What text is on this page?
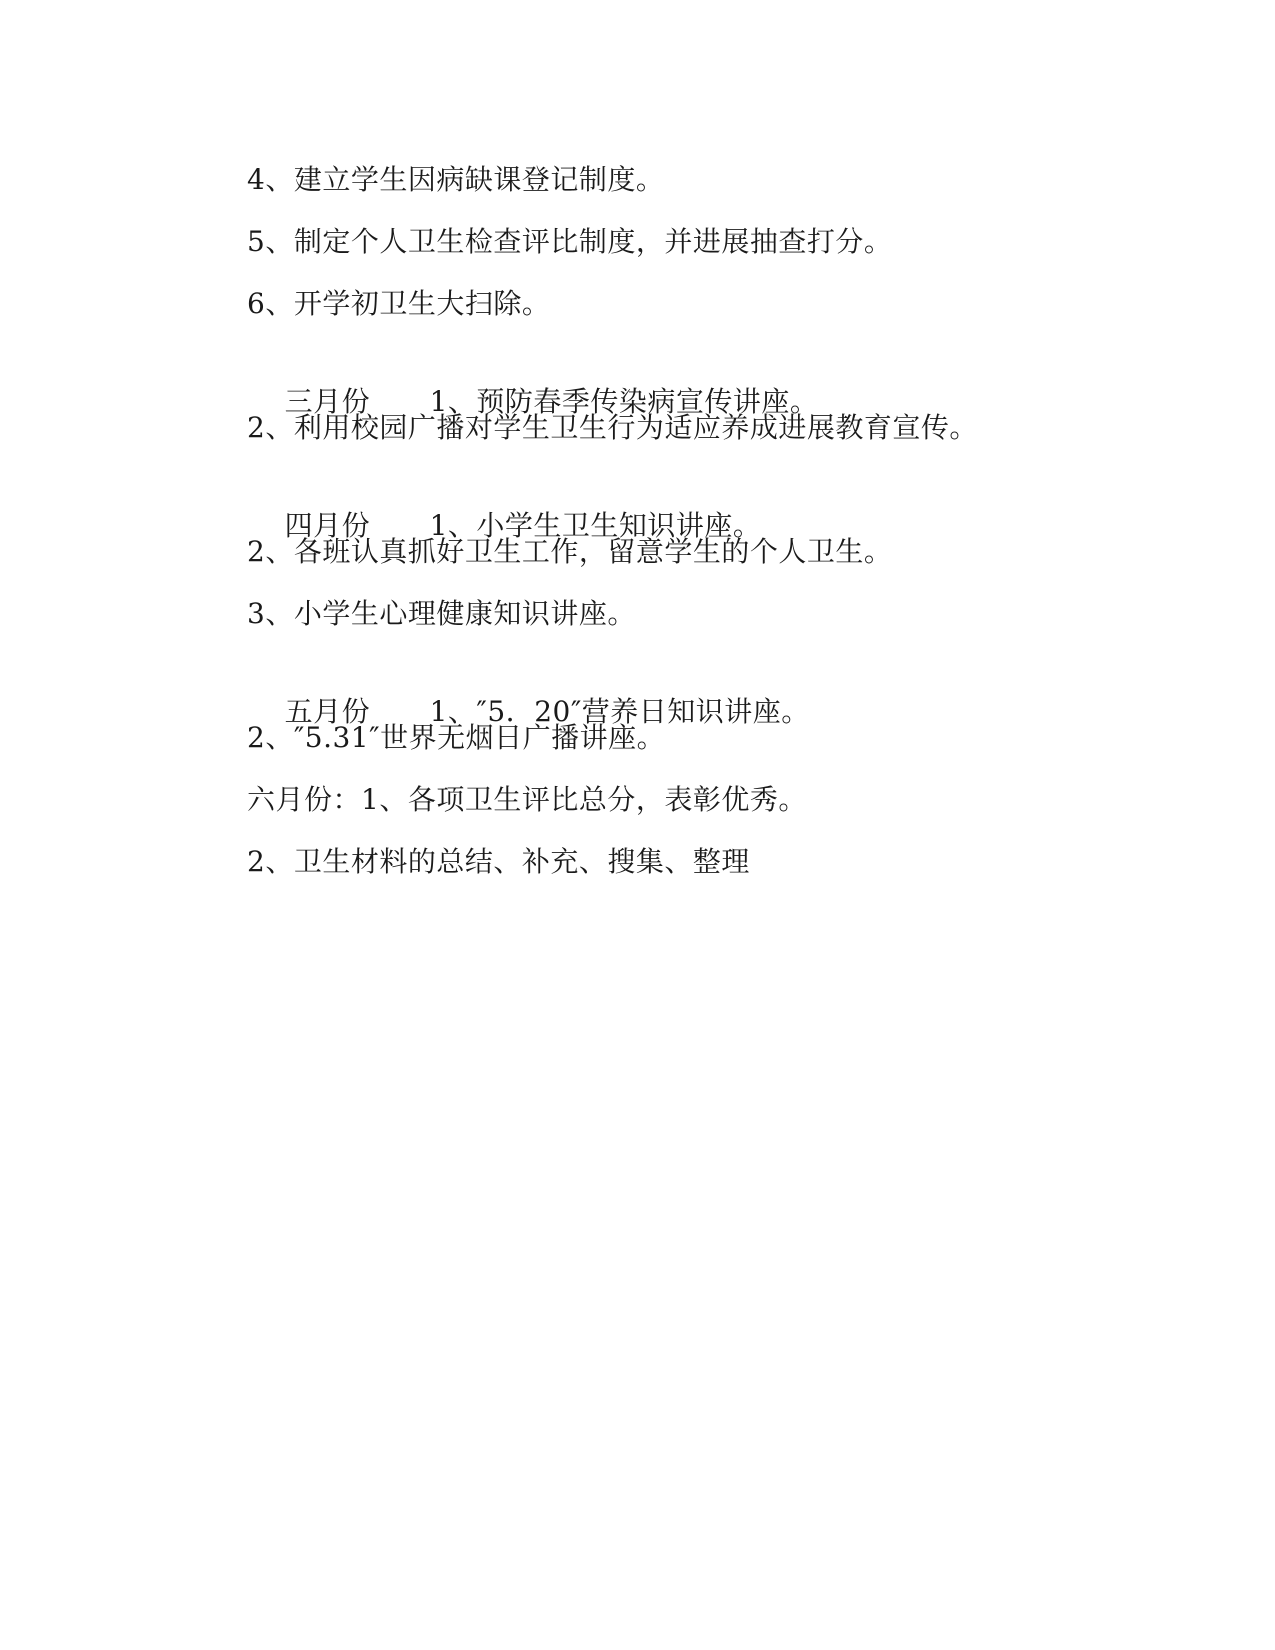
4、建立学生因病缺课登记制度。
5、制定个人卫生检查评比制度，并进展抽查打分。
6、开学初卫生大扫除。

三月份 1、预防春季传染病宣传讲座。

2、利用校园广播对学生卫生行为适应养成进展教育宣传。

四月份 1、小学生卫生知识讲座。

2、各班认真抓好卫生工作，留意学生的个人卫生。
3、小学生心理健康知识讲座。

五月份 1、″5．20″营养日知识讲座。

2、″5.31″世界无烟日广播讲座。
六月份：1、各项卫生评比总分，表彰优秀。
2、卫生材料的总结、补充、搜集、整理
